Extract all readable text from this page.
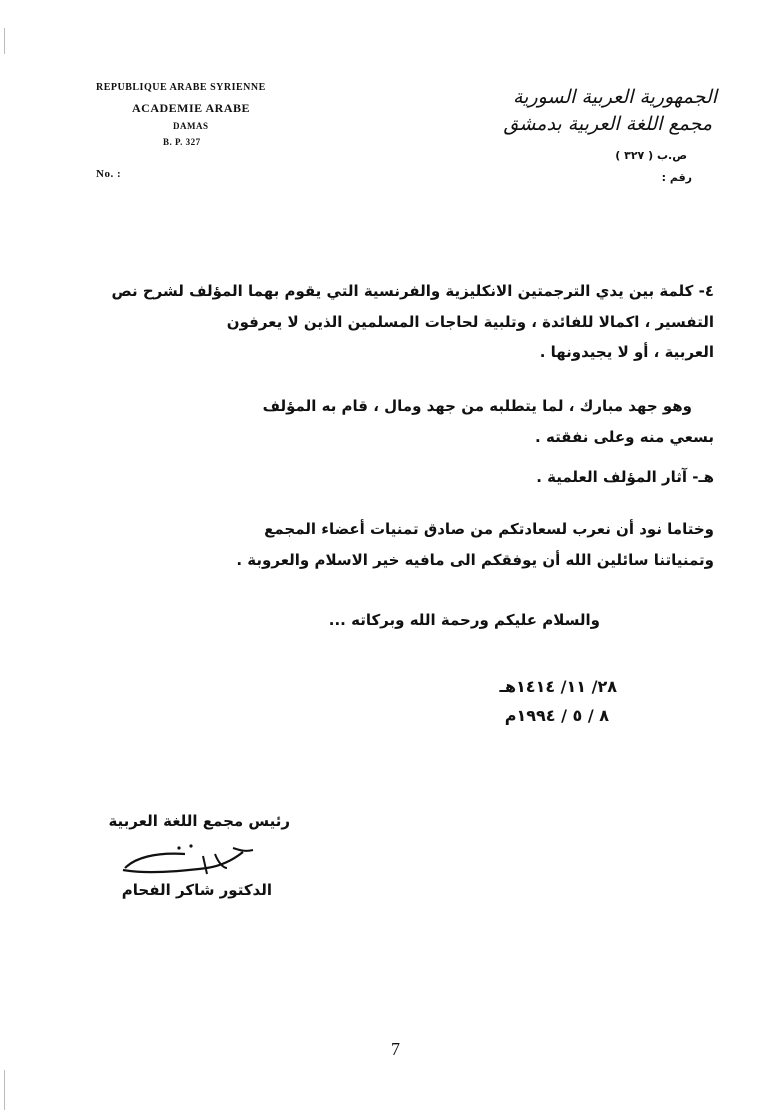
REPUBLIQUE ARABE SYRIENNE
ACADEMIE ARABE
DAMAS
B. P. 327
No. :
الجمهورية العربية السورية
مجمع اللغة العربية بدمشق
ص.ب ( ٣٢٧ )
رقم :
٤- كلمة بين يدي الترجمتين الانكليزية والفرنسية التي يقوم بهما المؤلف لشرح نص
التفسير ، اكمالا للفائدة ، وتلبية لحاجات المسلمين الذين لا يعرفون
العربية ، أو لا يجيدونها .
وهو جهد مبارك ، لما يتطلبه من جهد ومال ، قام به المؤلف
بسعي منه وعلى نفقته .
هـ- آثار المؤلف العلمية .
وختاما نود أن نعرب لسعادتكم من صادق تمنيات أعضاء المجمع
وتمنياتنا سائلين الله أن يوفقكم الى مافيه خير الاسلام والعروبة .
والسلام عليكم ورحمة الله وبركاته ...
٢٨/ ١١/ ١٤١٤هـ
٨ / ٥ / ١٩٩٤م
رئيس مجمع اللغة العربية
الدكتور شاكر الفحام
7
